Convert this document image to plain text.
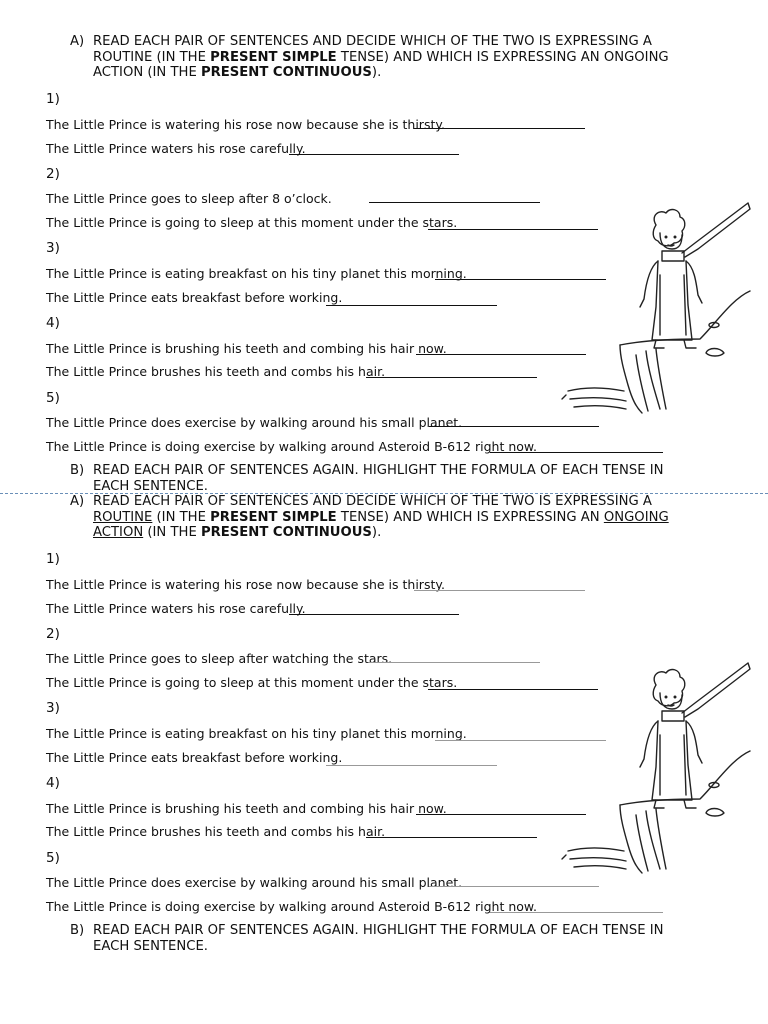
A) READ EACH PAIR OF SENTENCES AND DECIDE WHICH OF THE TWO IS EXPRESSING A
ROUTINE (IN THE PRESENT SIMPLE TENSE) AND WHICH IS EXPRESSING AN ONGOING
ACTION (IN THE PRESENT CONTINUOUS).
1)
The Little Prince is watering his rose now because she is thirsty.
The Little Prince waters his rose carefully.
2)
The Little Prince goes to sleep after 8 o’clock.
The Little Prince is going to sleep at this moment under the stars.
3)
The Little Prince is eating breakfast on his tiny planet this morning.
The Little Prince eats breakfast before working.
4)
The Little Prince is brushing his teeth and combing his hair now.
The Little Prince brushes his teeth and combs his hair.
5)
The Little Prince does exercise by walking around his small planet.
The Little Prince is doing exercise by walking around Asteroid B-612 right now.
B) READ EACH PAIR OF SENTENCES AGAIN. HIGHLIGHT THE FORMULA OF EACH TENSE IN
EACH SENTENCE.
A) READ EACH PAIR OF SENTENCES AND DECIDE WHICH OF THE TWO IS EXPRESSING A
ROUTINE (IN THE PRESENT SIMPLE TENSE) AND WHICH IS EXPRESSING AN ONGOING
ACTION (IN THE PRESENT CONTINUOUS).
1)
The Little Prince is watering his rose now because she is thirsty.
The Little Prince waters his rose carefully.
2)
The Little Prince goes to sleep after watching the stars.
The Little Prince is going to sleep at this moment under the stars.
3)
The Little Prince is eating breakfast on his tiny planet this morning.
The Little Prince eats breakfast before working.
4)
The Little Prince is brushing his teeth and combing his hair now.
The Little Prince brushes his teeth and combs his hair.
5)
The Little Prince does exercise by walking around his small planet.
The Little Prince is doing exercise by walking around Asteroid B-612 right now.
B) READ EACH PAIR OF SENTENCES AGAIN. HIGHLIGHT THE FORMULA OF EACH TENSE IN
EACH SENTENCE.
